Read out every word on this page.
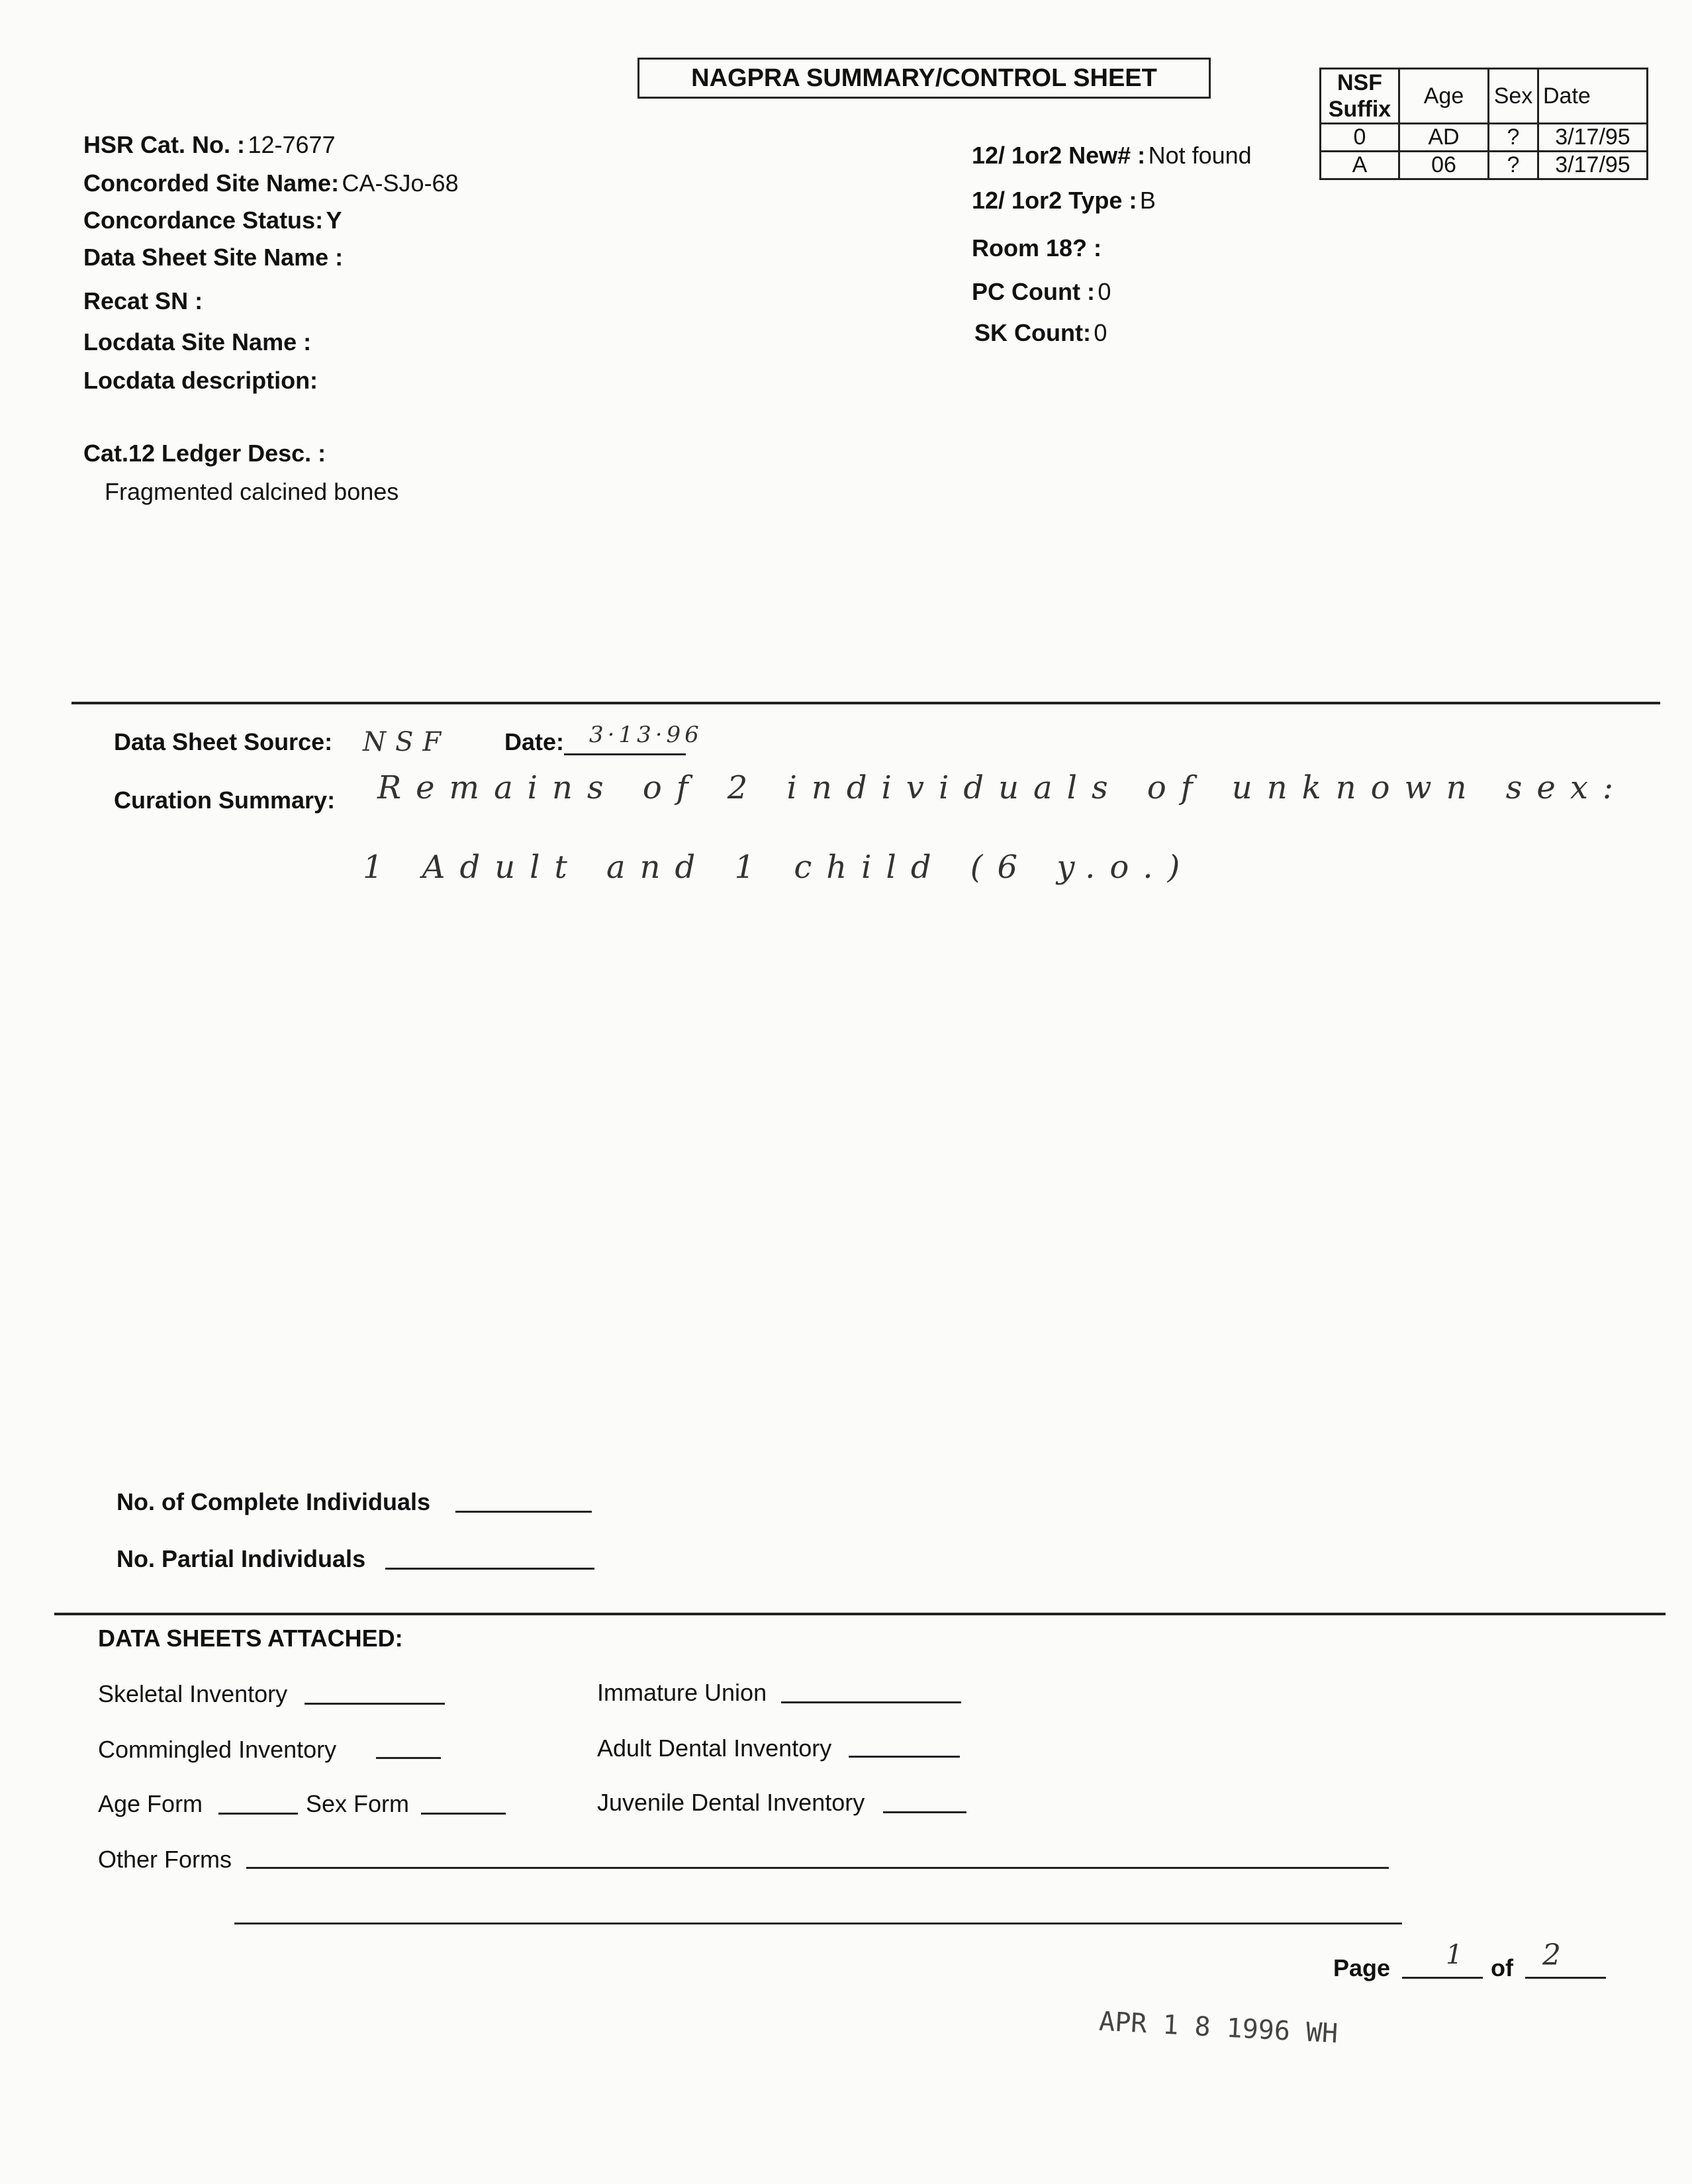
NAGPRA SUMMARY/CONTROL SHEET	NSF Suffix	Age	Sex	Date
0	AD	?	3/17/95
A	06	?	3/17/95
HSR Cat. No. : 12-7677
Concorded Site Name: CA-SJo-68
Concordance Status: Y
Data Sheet Site Name :
Recat SN :
Locdata Site Name :
Locdata description:
Cat.12 Ledger Desc. :
Fragmented calcined bones
12/ 1or2 New# : Not found
12/ 1or2 Type : B
Room 18? :
PC Count : 0
SK Count: 0
Data Sheet Source: NSF Date: 3·13·96
Curation Summary: Remains of 2 individuals of unknown sex:
1 Adult and 1 child (6 y.o.)
No. of Complete Individuals
No. Partial Individuals
DATA SHEETS ATTACHED:
Skeletal Inventory
Commingled Inventory
Age Form	Sex Form
Other Forms
Immature Union
Adult Dental Inventory
Juvenile Dental Inventory
Page 1 of 2
APR 1 8 1996 WH
